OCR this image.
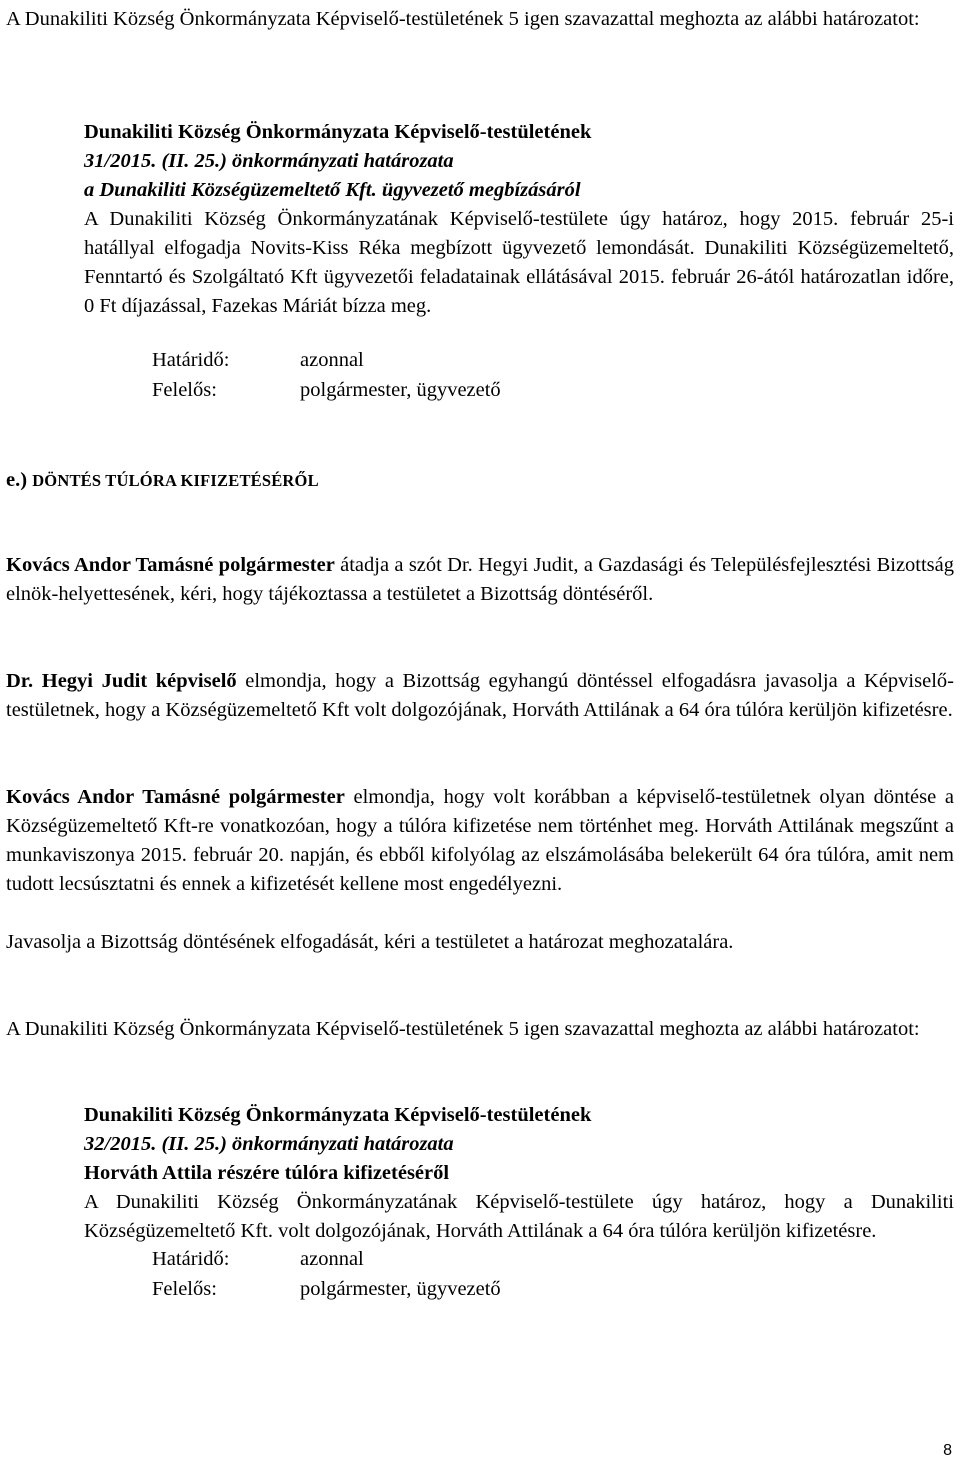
A Dunakiliti Község Önkormányzata Képviselő-testületének 5 igen szavazattal meghozta az alábbi határozatot:

Dunakiliti Község Önkormányzata Képviselő-testületének

31/2015. (II. 25.) önkormányzati határozata

a Dunakiliti Községüzemeltető Kft. ügyvezető megbízásáról

A Dunakiliti Község Önkormányzatának Képviselő-testülete úgy határoz, hogy 2015. február 25-i hatállyal elfogadja Novits-Kiss Réka megbízott ügyvezető lemondását. Dunakiliti Községüzemeltető, Fenntartó és Szolgáltató Kft ügyvezetői feladatainak ellátásával 2015. február 26-ától határozatlan időre, 0 Ft díjazással, Fazekas Máriát bízza meg.

Határidő:	azonnal
Felelős:	polgármester, ügyvezető

e.) DÖNTÉS TÚLÓRA KIFIZETÉSÉRŐL

Kovács Andor Tamásné polgármester átadja a szót Dr. Hegyi Judit, a Gazdasági és Településfejlesztési Bizottság elnök-helyettesének, kéri, hogy tájékoztassa a testületet a Bizottság döntéséről.

Dr. Hegyi Judit képviselő elmondja, hogy a Bizottság egyhangú döntéssel elfogadásra javasolja a Képviselő- testületnek, hogy a Községüzemeltető Kft volt dolgozójának, Horváth Attilának a 64 óra túlóra kerüljön kifizetésre.

Kovács Andor Tamásné polgármester elmondja, hogy volt korábban a képviselő-testületnek olyan döntése a Községüzemeltető Kft-re vonatkozóan, hogy a túlóra kifizetése nem történhet meg. Horváth Attilának megszűnt a munkaviszonya 2015. február 20. napján, és ebből kifolyólag az elszámolásába belekerült 64 óra túlóra, amit nem tudott lecsúsztatni és ennek a kifizetését kellene most engedélyezni.

Javasolja a Bizottság döntésének elfogadását, kéri a testületet a határozat meghozatalára.

A Dunakiliti Község Önkormányzata Képviselő-testületének 5 igen szavazattal meghozta az alábbi határozatot:

Dunakiliti Község Önkormányzata Képviselő-testületének

32/2015. (II. 25.) önkormányzati határozata

Horváth Attila részére túlóra kifizetéséről

A Dunakiliti Község Önkormányzatának Képviselő-testülete úgy határoz, hogy a Dunakiliti Községüzemeltető Kft. volt dolgozójának, Horváth Attilának a 64 óra túlóra kerüljön kifizetésre.

Határidő:	azonnal
Felelős:	polgármester, ügyvezető
8
